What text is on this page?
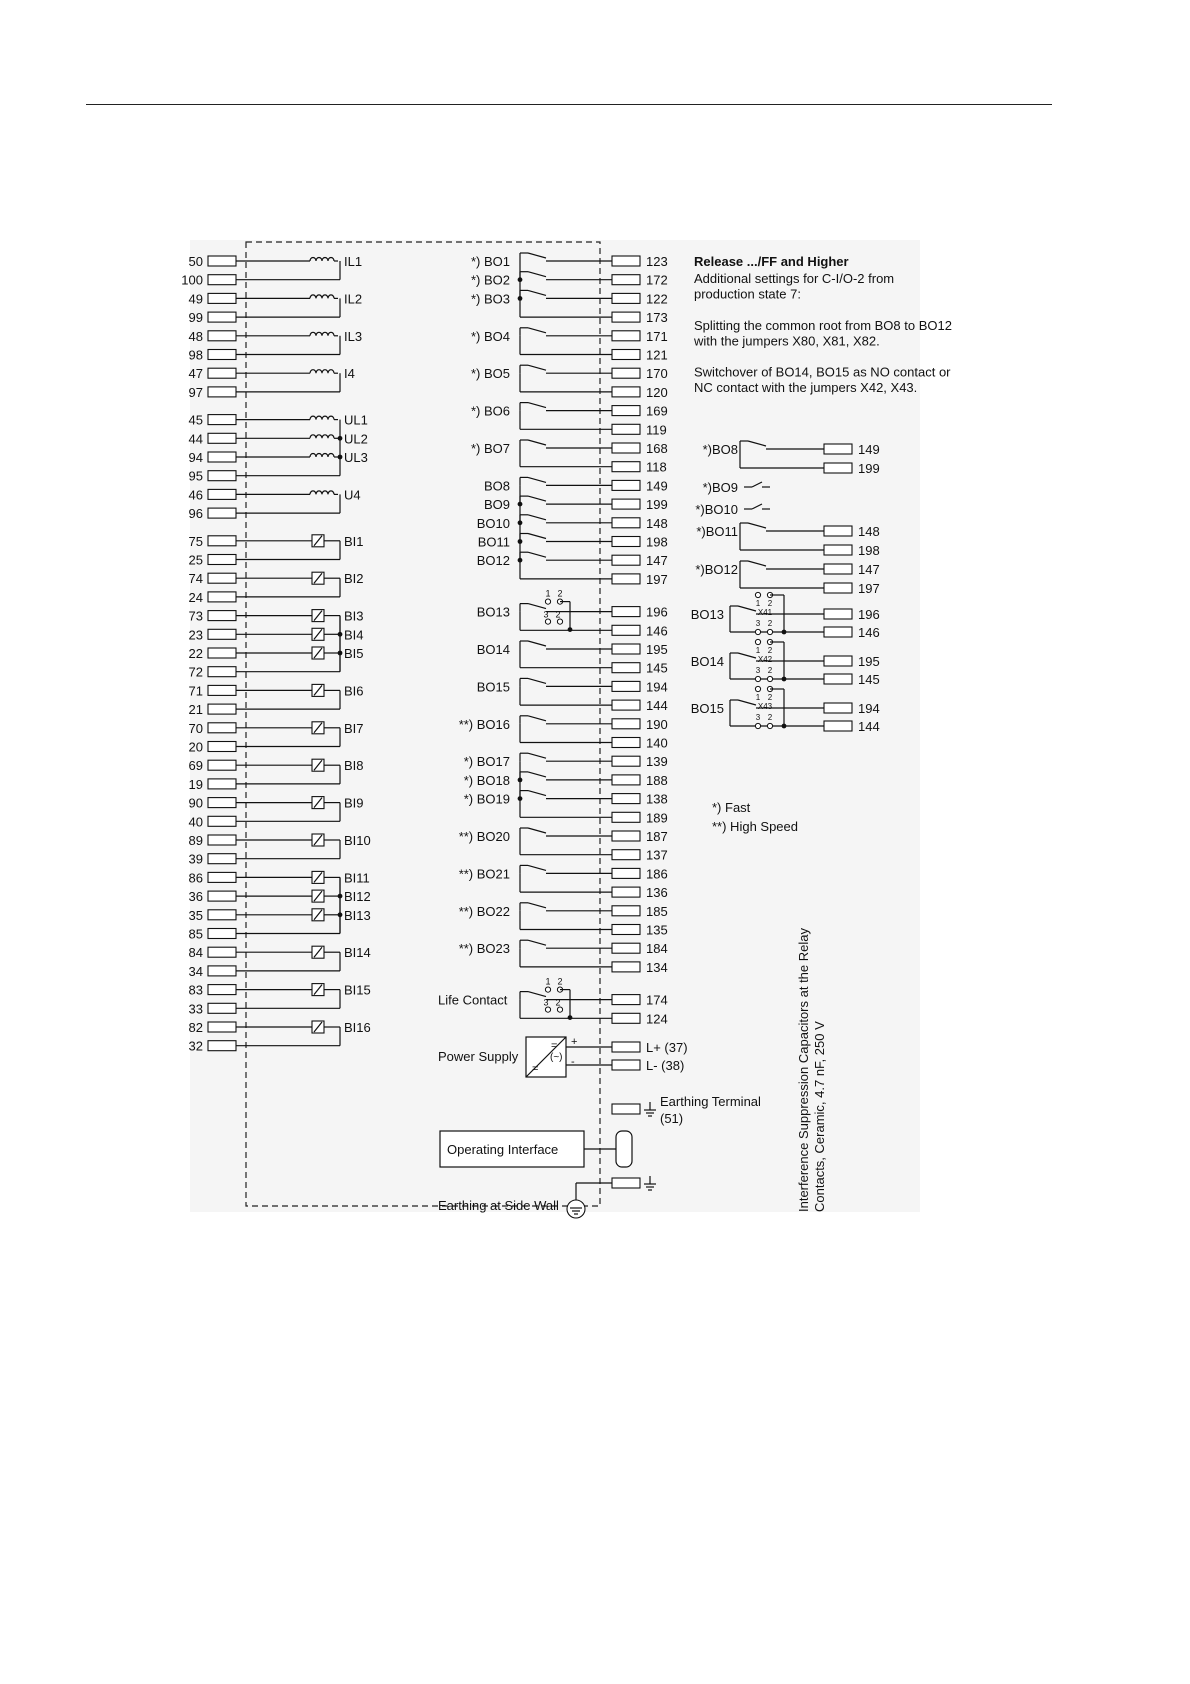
50	IL1
100
49	IL2
99
48	IL3
98
47	I4
97
45	UL1
44	UL2
94	UL3
95
46	U4
96
75	BI1
25
74	BI2
24
73	BI3
23	BI4
22	BI5
72
71	BI6
21
70	BI7
20
69	BI8
19
90	BI9
40
89	BI10
39
86	BI11
36	BI12
35	BI13
85
84	BI14
34
83	BI15
33
82	BI16
32
*) BO1	123
*) BO2	172
*) BO3	122
173
*) BO4	171
121
*) BO5	170
120
*) BO6	169
119
*) BO7	168
118
BO8	149
BO9	199
BO10	148
BO11	198
BO12	147
197
BO13	196
146
BO14	195
145
BO15	194
144
**) BO16	190
140
*) BO17	139
*) BO18	188
*) BO19	138
189
**) BO20	187
137
**) BO21	186
136
**) BO22	185
135
**) BO23	184
134
Life Contact	174
124
1 2
3 2
1 2
3 2
Power Supply
=
(~)
=
+
-
L+ (37)
L- (38)
Earthing Terminal
(51)
Operating Interface
Earthing at Side Wall
Release .../FF and Higher
Additional settings for C-I/O-2 from
production state 7:
Splitting the common root from BO8 to BO12
with the jumpers X80, X81, X82.
Switchover of BO14, BO15 as NO contact or
NC contact with the jumpers X42, X43.
*)BO8	149
199
*)BO9
*)BO10
*)BO11	148
198
*)BO12	147
197
BO13	196
146
1 2
X41
3 2
BO14	195
145
1 2
X42
3 2
BO15	194
144
1 2
X43
3 2
*) Fast
**) High Speed
Interference Suppression Capacitors at the Relay Contacts, Ceramic, 4.7 nF, 250 V
